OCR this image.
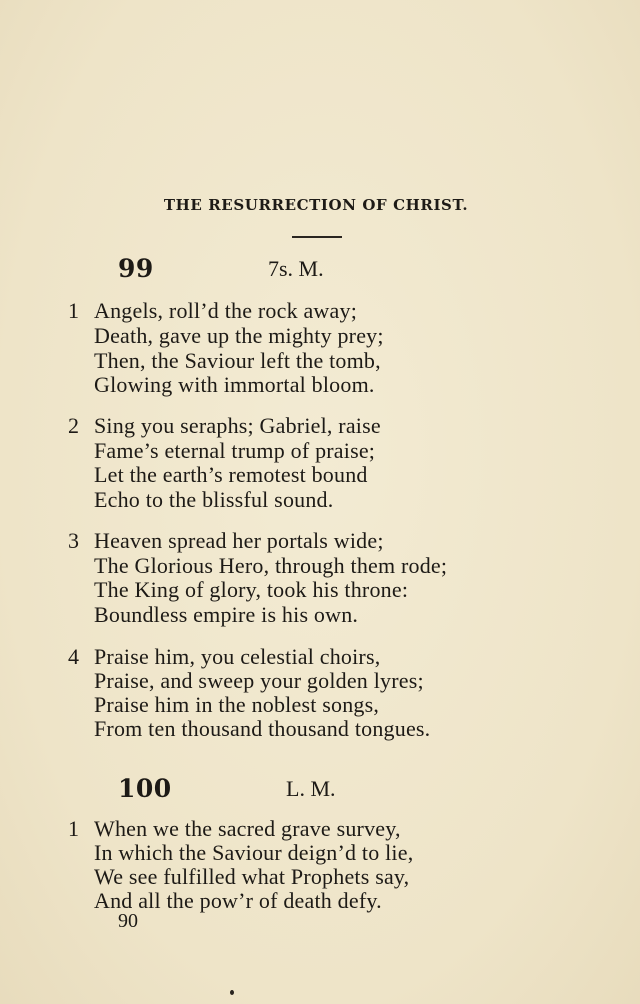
THE RESURRECTION OF CHRIST.
99	7s. M.
1 Angels, roll’d the rock away;
Death, gave up the mighty prey;
Then, the Saviour left the tomb,
Glowing with immortal bloom.
2 Sing you seraphs; Gabriel, raise
Fame’s eternal trump of praise;
Let the earth’s remotest bound
Echo to the blissful sound.
3 Heaven spread her portals wide;
The Glorious Hero, through them rode;
The King of glory, took his throne:
Boundless empire is his own.
4 Praise him, you celestial choirs,
Praise, and sweep your golden lyres;
Praise him in the noblest songs,
From ten thousand thousand tongues.
100	L. M.
1 When we the sacred grave survey,
In which the Saviour deign’d to lie,
We see fulfilled what Prophets say,
And all the pow’r of death defy.
90
